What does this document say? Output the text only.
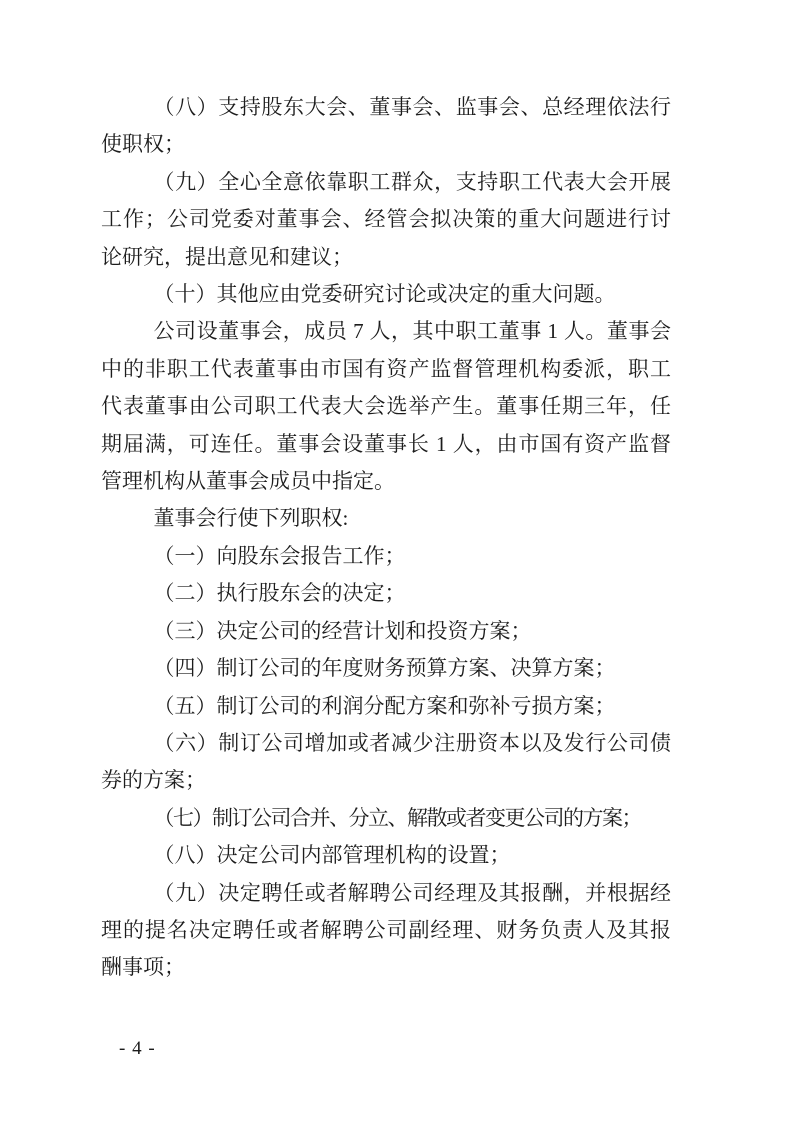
（八）支持股东大会、董事会、监事会、总经理依法行
使职权；
（九）全心全意依靠职工群众，支持职工代表大会开展
工作；公司党委对董事会、经管会拟决策的重大问题进行讨
论研究，提出意见和建议；
（十）其他应由党委研究讨论或决定的重大问题。
公司设董事会，成员 7 人，其中职工董事 1 人。董事会
中的非职工代表董事由市国有资产监督管理机构委派，职工
代表董事由公司职工代表大会选举产生。董事任期三年，任
期届满，可连任。董事会设董事长 1 人，由市国有资产监督
管理机构从董事会成员中指定。
董事会行使下列职权:
（一）向股东会报告工作；
（二）执行股东会的决定；
（三）决定公司的经营计划和投资方案；
（四）制订公司的年度财务预算方案、决算方案；
（五）制订公司的利润分配方案和弥补亏损方案；
（六）制订公司增加或者减少注册资本以及发行公司债
券的方案；
（七）制订公司合并、分立、解散或者变更公司的方案；
（八）决定公司内部管理机构的设置；
（九）决定聘任或者解聘公司经理及其报酬，并根据经
理的提名决定聘任或者解聘公司副经理、财务负责人及其报
酬事项；
- 4 -
